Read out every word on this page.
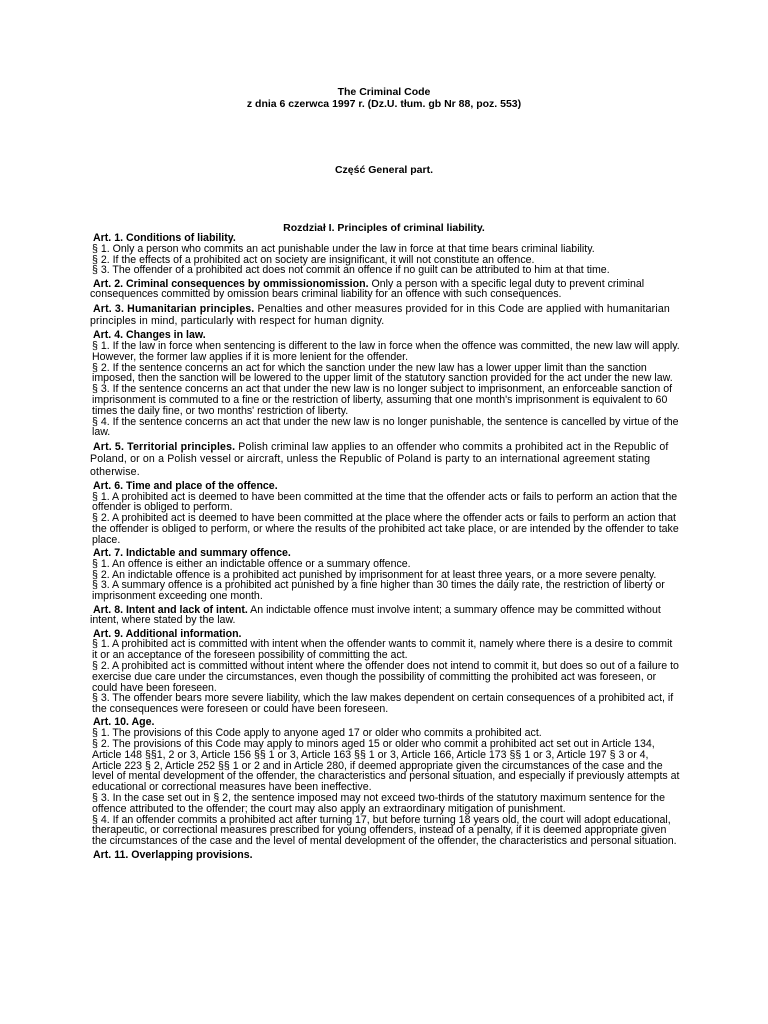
The Criminal Code
z dnia 6 czerwca 1997 r. (Dz.U. tłum. gb Nr 88, poz. 553)
Część General part.
Rozdział I. Principles of criminal liability.
Art. 1. Conditions of liability.
§ 1. Only a person who commits an act punishable under the law in force at that time bears criminal liability.
§ 2. If the effects of a prohibited act on society are insignificant, it will not constitute an offence.
§ 3. The offender of a prohibited act does not commit an offence if no guilt can be attributed to him at that time.
Art. 2. Criminal consequences by ommissionomission. Only a person with a specific legal duty to prevent criminal consequences committed by omission bears criminal liability for an offence with such consequences.
Art. 3. Humanitarian principles. Penalties and other measures provided for in this Code are applied with humanitarian principles in mind, particularly with respect for human dignity.
Art. 4. Changes in law.
§ 1. If the law in force when sentencing is different to the law in force when the offence was committed, the new law will apply. However, the former law applies if it is more lenient for the offender.
§ 2. If the sentence concerns an act for which the sanction under the new law has a lower upper limit than the sanction imposed, then the sanction will be lowered to the upper limit of the statutory sanction provided for the act under the new law.
§ 3. If the sentence concerns an act that under the new law is no longer subject to imprisonment, an enforceable sanction of imprisonment is commuted to a fine or the restriction of liberty, assuming that one month's imprisonment is equivalent to 60 times the daily fine, or two months' restriction of liberty.
§ 4. If the sentence concerns an act that under the new law is no longer punishable, the sentence is cancelled by virtue of the law.
Art. 5. Territorial principles. Polish criminal law applies to an offender who commits a prohibited act in the Republic of Poland, or on a Polish vessel or aircraft, unless the Republic of Poland is party to an international agreement stating otherwise.
Art. 6. Time and place of the offence.
§ 1. A prohibited act is deemed to have been committed at the time that the offender acts or fails to perform an action that the offender is obliged to perform.
§ 2. A prohibited act is deemed to have been committed at the place where the offender acts or fails to perform an action that the offender is obliged to perform, or where the results of the prohibited act take place, or are intended by the offender to take place.
Art. 7. Indictable and summary offence.
§ 1. An offence is either an indictable offence or a summary offence.
§ 2. An indictable offence is a prohibited act punished by imprisonment for at least three years, or a more severe penalty.
§ 3. A summary offence is a prohibited act punished by a fine higher than 30 times the daily rate, the restriction of liberty or imprisonment exceeding one month.
Art. 8. Intent and lack of intent. An indictable offence must involve intent; a summary offence may be committed without intent, where stated by the law.
Art. 9. Additional information.
§ 1. A prohibited act is committed with intent when the offender wants to commit it, namely where there is a desire to commit it or an acceptance of the foreseen possibility of committing the act.
§ 2. A prohibited act is committed without intent where the offender does not intend to commit it, but does so out of a failure to exercise due care under the circumstances, even though the possibility of committing the prohibited act was foreseen, or could have been foreseen.
§ 3. The offender bears more severe liability, which the law makes dependent on certain consequences of a prohibited act, if the consequences were foreseen or could have been foreseen.
Art. 10. Age.
§ 1. The provisions of this Code apply to anyone aged 17 or older who commits a prohibited act.
§ 2. The provisions of this Code may apply to minors aged 15 or older who commit a prohibited act set out in Article 134, Article 148 §§1, 2 or 3, Article 156 §§ 1 or 3, Article 163 §§ 1 or 3, Article 166, Article 173 §§ 1 or 3, Article 197 § 3 or 4, Article 223 § 2, Article 252 §§ 1 or 2 and in Article 280, if deemed appropriate given the circumstances of the case and the level of mental development of the offender, the characteristics and personal situation, and especially if previously attempts at educational or correctional measures have been ineffective.
§ 3. In the case set out in § 2, the sentence imposed may not exceed two-thirds of the statutory maximum sentence for the offence attributed to the offender; the court may also apply an extraordinary mitigation of punishment.
§ 4. If an offender commits a prohibited act after turning 17, but before turning 18 years old, the court will adopt educational, therapeutic, or correctional measures prescribed for young offenders, instead of a penalty, if it is deemed appropriate given the circumstances of the case and the level of mental development of the offender, the characteristics and personal situation.
Art. 11. Overlapping provisions.
